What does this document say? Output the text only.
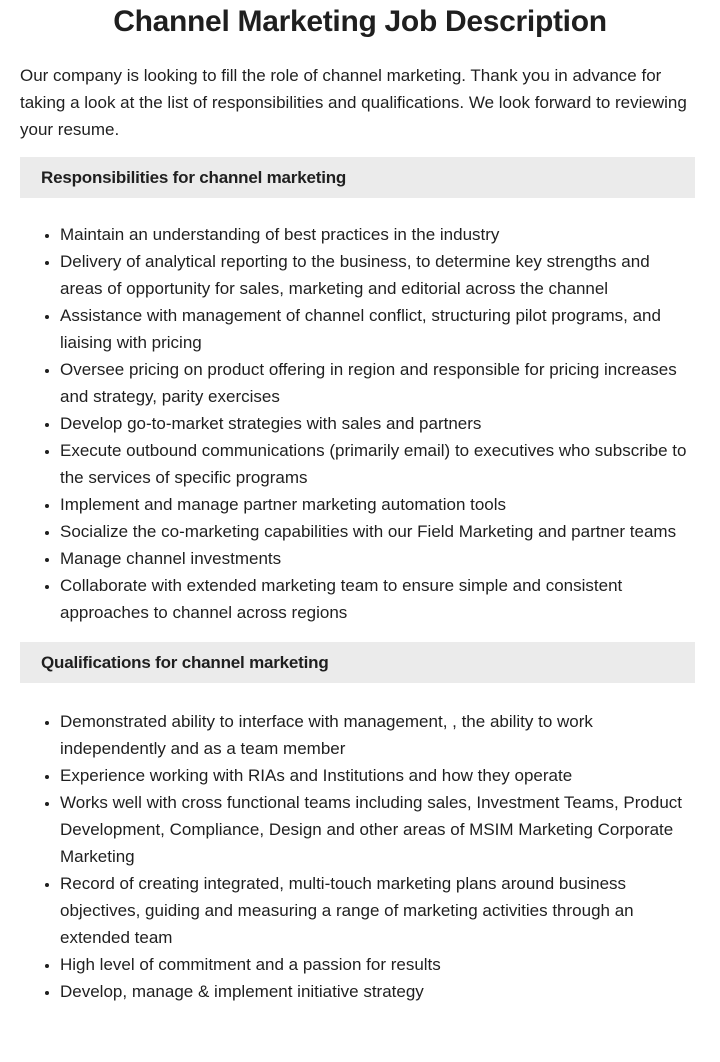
Channel Marketing Job Description

Our company is looking to fill the role of channel marketing. Thank you in advance for taking a look at the list of responsibilities and qualifications. We look forward to reviewing your resume.

Responsibilities for channel marketing
• Maintain an understanding of best practices in the industry
• Delivery of analytical reporting to the business, to determine key strengths and areas of opportunity for sales, marketing and editorial across the channel
• Assistance with management of channel conflict, structuring pilot programs, and liaising with pricing
• Oversee pricing on product offering in region and responsible for pricing increases and strategy, parity exercises
• Develop go-to-market strategies with sales and partners
• Execute outbound communications (primarily email) to executives who subscribe to the services of specific programs
• Implement and manage partner marketing automation tools
• Socialize the co-marketing capabilities with our Field Marketing and partner teams
• Manage channel investments
• Collaborate with extended marketing team to ensure simple and consistent approaches to channel across regions
Qualifications for channel marketing
• Demonstrated ability to interface with management, , the ability to work independently and as a team member
• Experience working with RIAs and Institutions and how they operate
• Works well with cross functional teams including sales, Investment Teams, Product Development, Compliance, Design and other areas of MSIM Marketing Corporate Marketing
• Record of creating integrated, multi-touch marketing plans around business objectives, guiding and measuring a range of marketing activities through an extended team
• High level of commitment and a passion for results
• Develop, manage & implement initiative strategy
